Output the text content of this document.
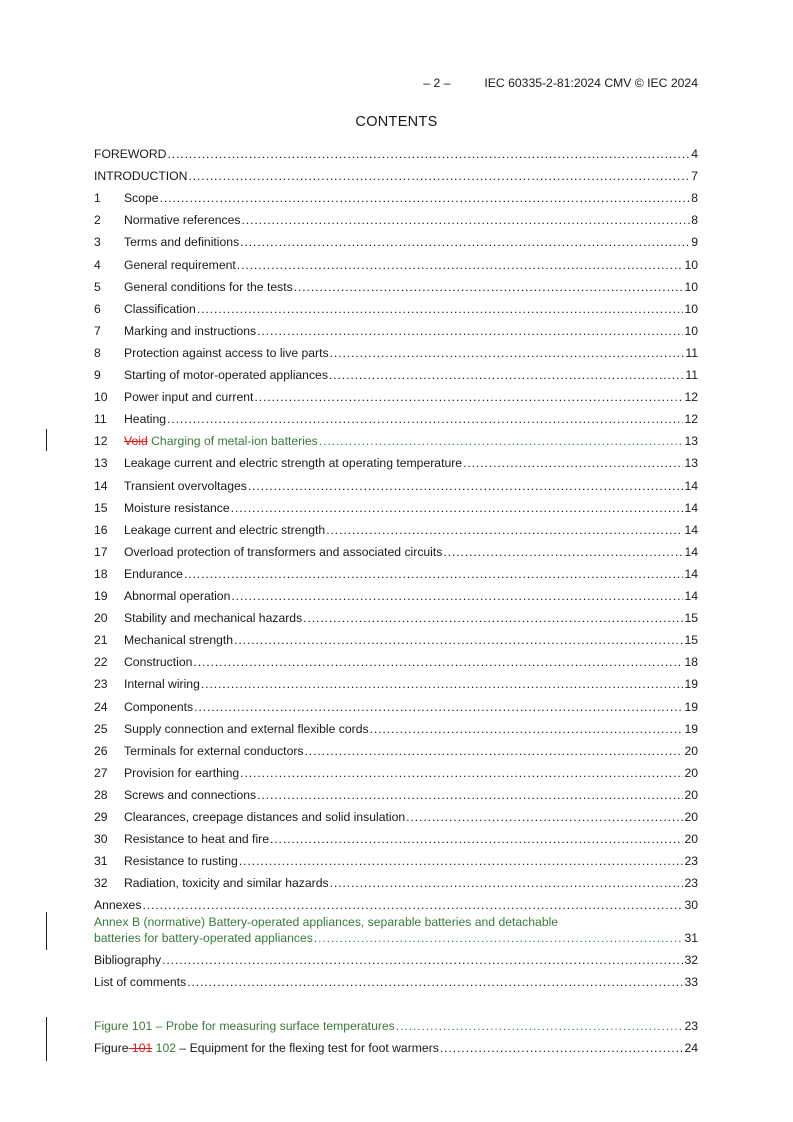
– 2 –	IEC 60335-2-81:2024 CMV © IEC 2024
CONTENTS
FOREWORD .....	4
INTRODUCTION .....	7
1	Scope .....	8
2	Normative references .....	8
3	Terms and definitions .....	9
4	General requirement .....	10
5	General conditions for the tests .....	10
6	Classification .....	10
7	Marking and instructions .....	10
8	Protection against access to live parts .....	11
9	Starting of motor-operated appliances .....	11
10	Power input and current .....	12
11	Heating .....	12
12	Void Charging of metal-ion batteries .....	13
13	Leakage current and electric strength at operating temperature .....	13
14	Transient overvoltages .....	14
15	Moisture resistance .....	14
16	Leakage current and electric strength .....	14
17	Overload protection of transformers and associated circuits .....	14
18	Endurance .....	14
19	Abnormal operation .....	14
20	Stability and mechanical hazards .....	15
21	Mechanical strength .....	15
22	Construction .....	18
23	Internal wiring .....	19
24	Components .....	19
25	Supply connection and external flexible cords .....	19
26	Terminals for external conductors .....	20
27	Provision for earthing .....	20
28	Screws and connections .....	20
29	Clearances, creepage distances and solid insulation .....	20
30	Resistance to heat and fire .....	20
31	Resistance to rusting .....	23
32	Radiation, toxicity and similar hazards .....	23
Annexes .....	30
Annex B (normative) Battery-operated appliances, separable batteries and detachable
batteries for battery-operated appliances .....	31
Bibliography .....	32
List of comments .....	33
Figure 101 – Probe for measuring surface temperatures .....	23
Figure 101 102 – Equipment for the flexing test for foot warmers .....	24
